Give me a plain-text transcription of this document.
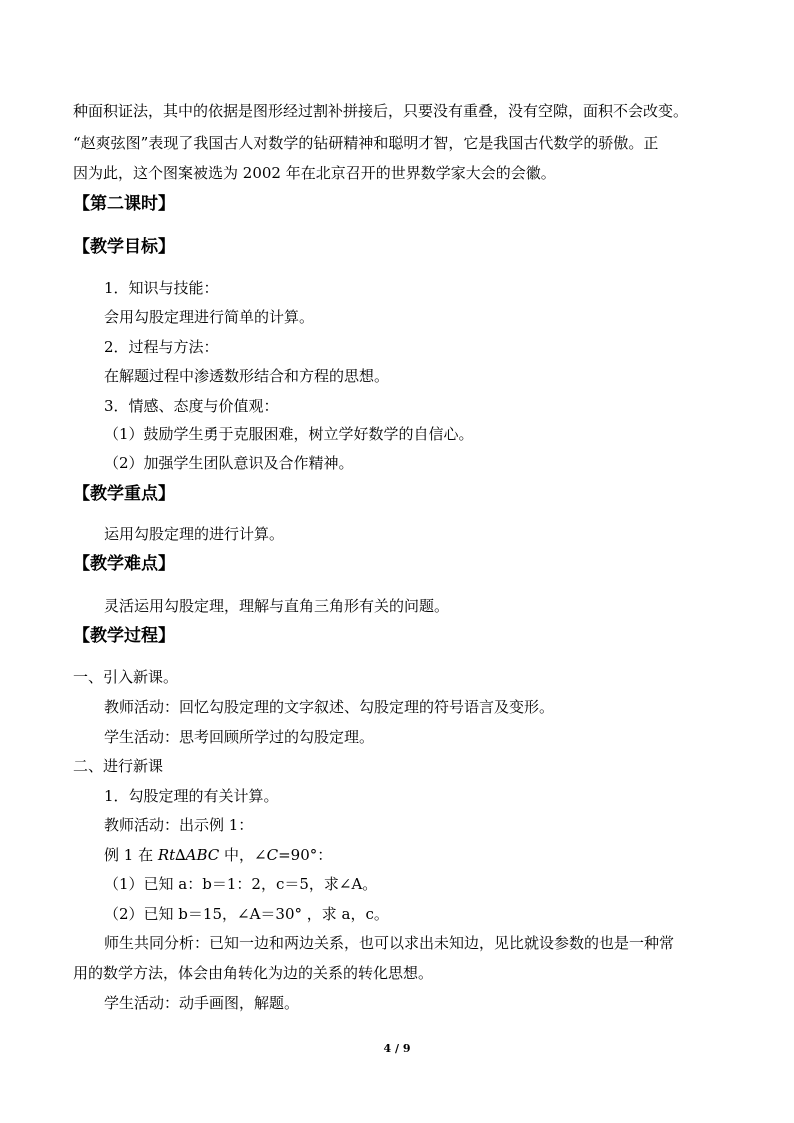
种面积证法，其中的依据是图形经过割补拼接后，只要没有重叠，没有空隙，面积不会改变。
“赵爽弦图”表现了我国古人对数学的钻研精神和聪明才智，它是我国古代数学的骄傲。正
因为此，这个图案被选为 2002 年在北京召开的世界数学家大会的会徽。
【第二课时】
【教学目标】
1．知识与技能：
会用勾股定理进行简单的计算。
2．过程与方法：
在解题过程中渗透数形结合和方程的思想。
3．情感、态度与价值观：
（1）鼓励学生勇于克服困难，树立学好数学的自信心。
（2）加强学生团队意识及合作精神。
【教学重点】
运用勾股定理的进行计算。
【教学难点】
灵活运用勾股定理，理解与直角三角形有关的问题。
【教学过程】
一、引入新课。
教师活动：回忆勾股定理的文字叙述、勾股定理的符号语言及变形。
学生活动：思考回顾所学过的勾股定理。
二、进行新课
1．勾股定理的有关计算。
教师活动：出示例 1：
例 1 在 Rt∆ABC 中，∠C=90°：
（1）已知 a：b＝1：2，c＝5，求∠A。
（2）已知 b＝15，∠A＝30° ，求 a，c。
师生共同分析：已知一边和两边关系，也可以求出未知边，见比就设参数的也是一种常
用的数学方法，体会由角转化为边的关系的转化思想。
学生活动：动手画图，解题。
4 / 9
